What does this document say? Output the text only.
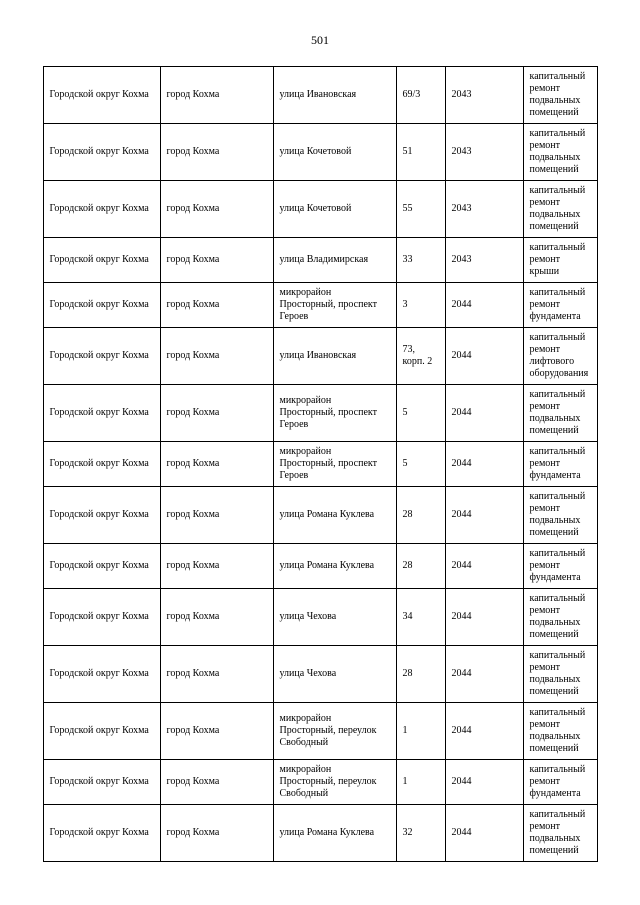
501
Городской округ Кохма	город Кохма	улица Ивановская	69/3	2043	капитальный ремонт подвальных помещений
Городской округ Кохма	город Кохма	улица Кочетовой	51	2043	капитальный ремонт подвальных помещений
Городской округ Кохма	город Кохма	улица Кочетовой	55	2043	капитальный ремонт подвальных помещений
Городской округ Кохма	город Кохма	улица Владимирская	33	2043	капитальный ремонт крыши
Городской округ Кохма	город Кохма	микрорайон Просторный, проспект Героев	3	2044	капитальный ремонт фундамента
Городской округ Кохма	город Кохма	улица Ивановская	73, корп. 2	2044	капитальный ремонт лифтового оборудования
Городской округ Кохма	город Кохма	микрорайон Просторный, проспект Героев	5	2044	капитальный ремонт подвальных помещений
Городской округ Кохма	город Кохма	микрорайон Просторный, проспект Героев	5	2044	капитальный ремонт фундамента
Городской округ Кохма	город Кохма	улица Романа Куклева	28	2044	капитальный ремонт подвальных помещений
Городской округ Кохма	город Кохма	улица Романа Куклева	28	2044	капитальный ремонт фундамента
Городской округ Кохма	город Кохма	улица Чехова	34	2044	капитальный ремонт подвальных помещений
Городской округ Кохма	город Кохма	улица Чехова	28	2044	капитальный ремонт подвальных помещений
Городской округ Кохма	город Кохма	микрорайон Просторный, переулок Свободный	1	2044	капитальный ремонт подвальных помещений
Городской округ Кохма	город Кохма	микрорайон Просторный, переулок Свободный	1	2044	капитальный ремонт фундамента
Городской округ Кохма	город Кохма	улица Романа Куклева	32	2044	капитальный ремонт подвальных помещений
